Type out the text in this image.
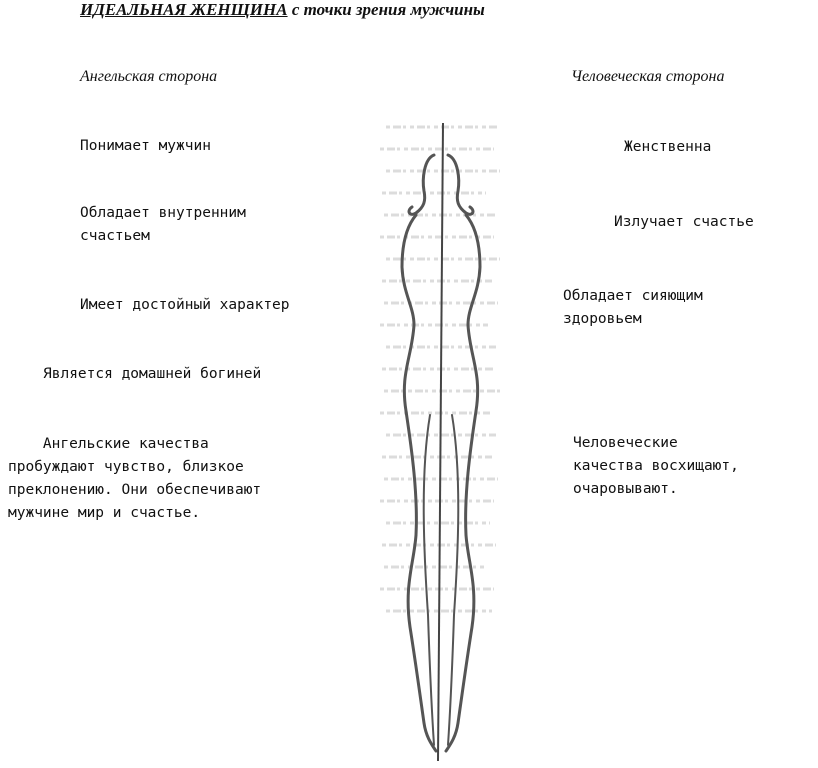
ИДЕАЛЬНАЯ ЖЕНЩИНА с точки зрения мужчины
Ангельская сторона	Человеческая сторона
Понимает мужчин
Обладает внутренним
счастьем
Имеет достойный характер
Является домашней богиней
Ангельские качества
пробуждают чувство, близкое
преклонению. Они обеспечивают
мужчине мир и счастье.
Женственна
Излучает счастье
Обладает сияющим
здоровьем
Человеческие
качества восхищают,
очаровывают.
